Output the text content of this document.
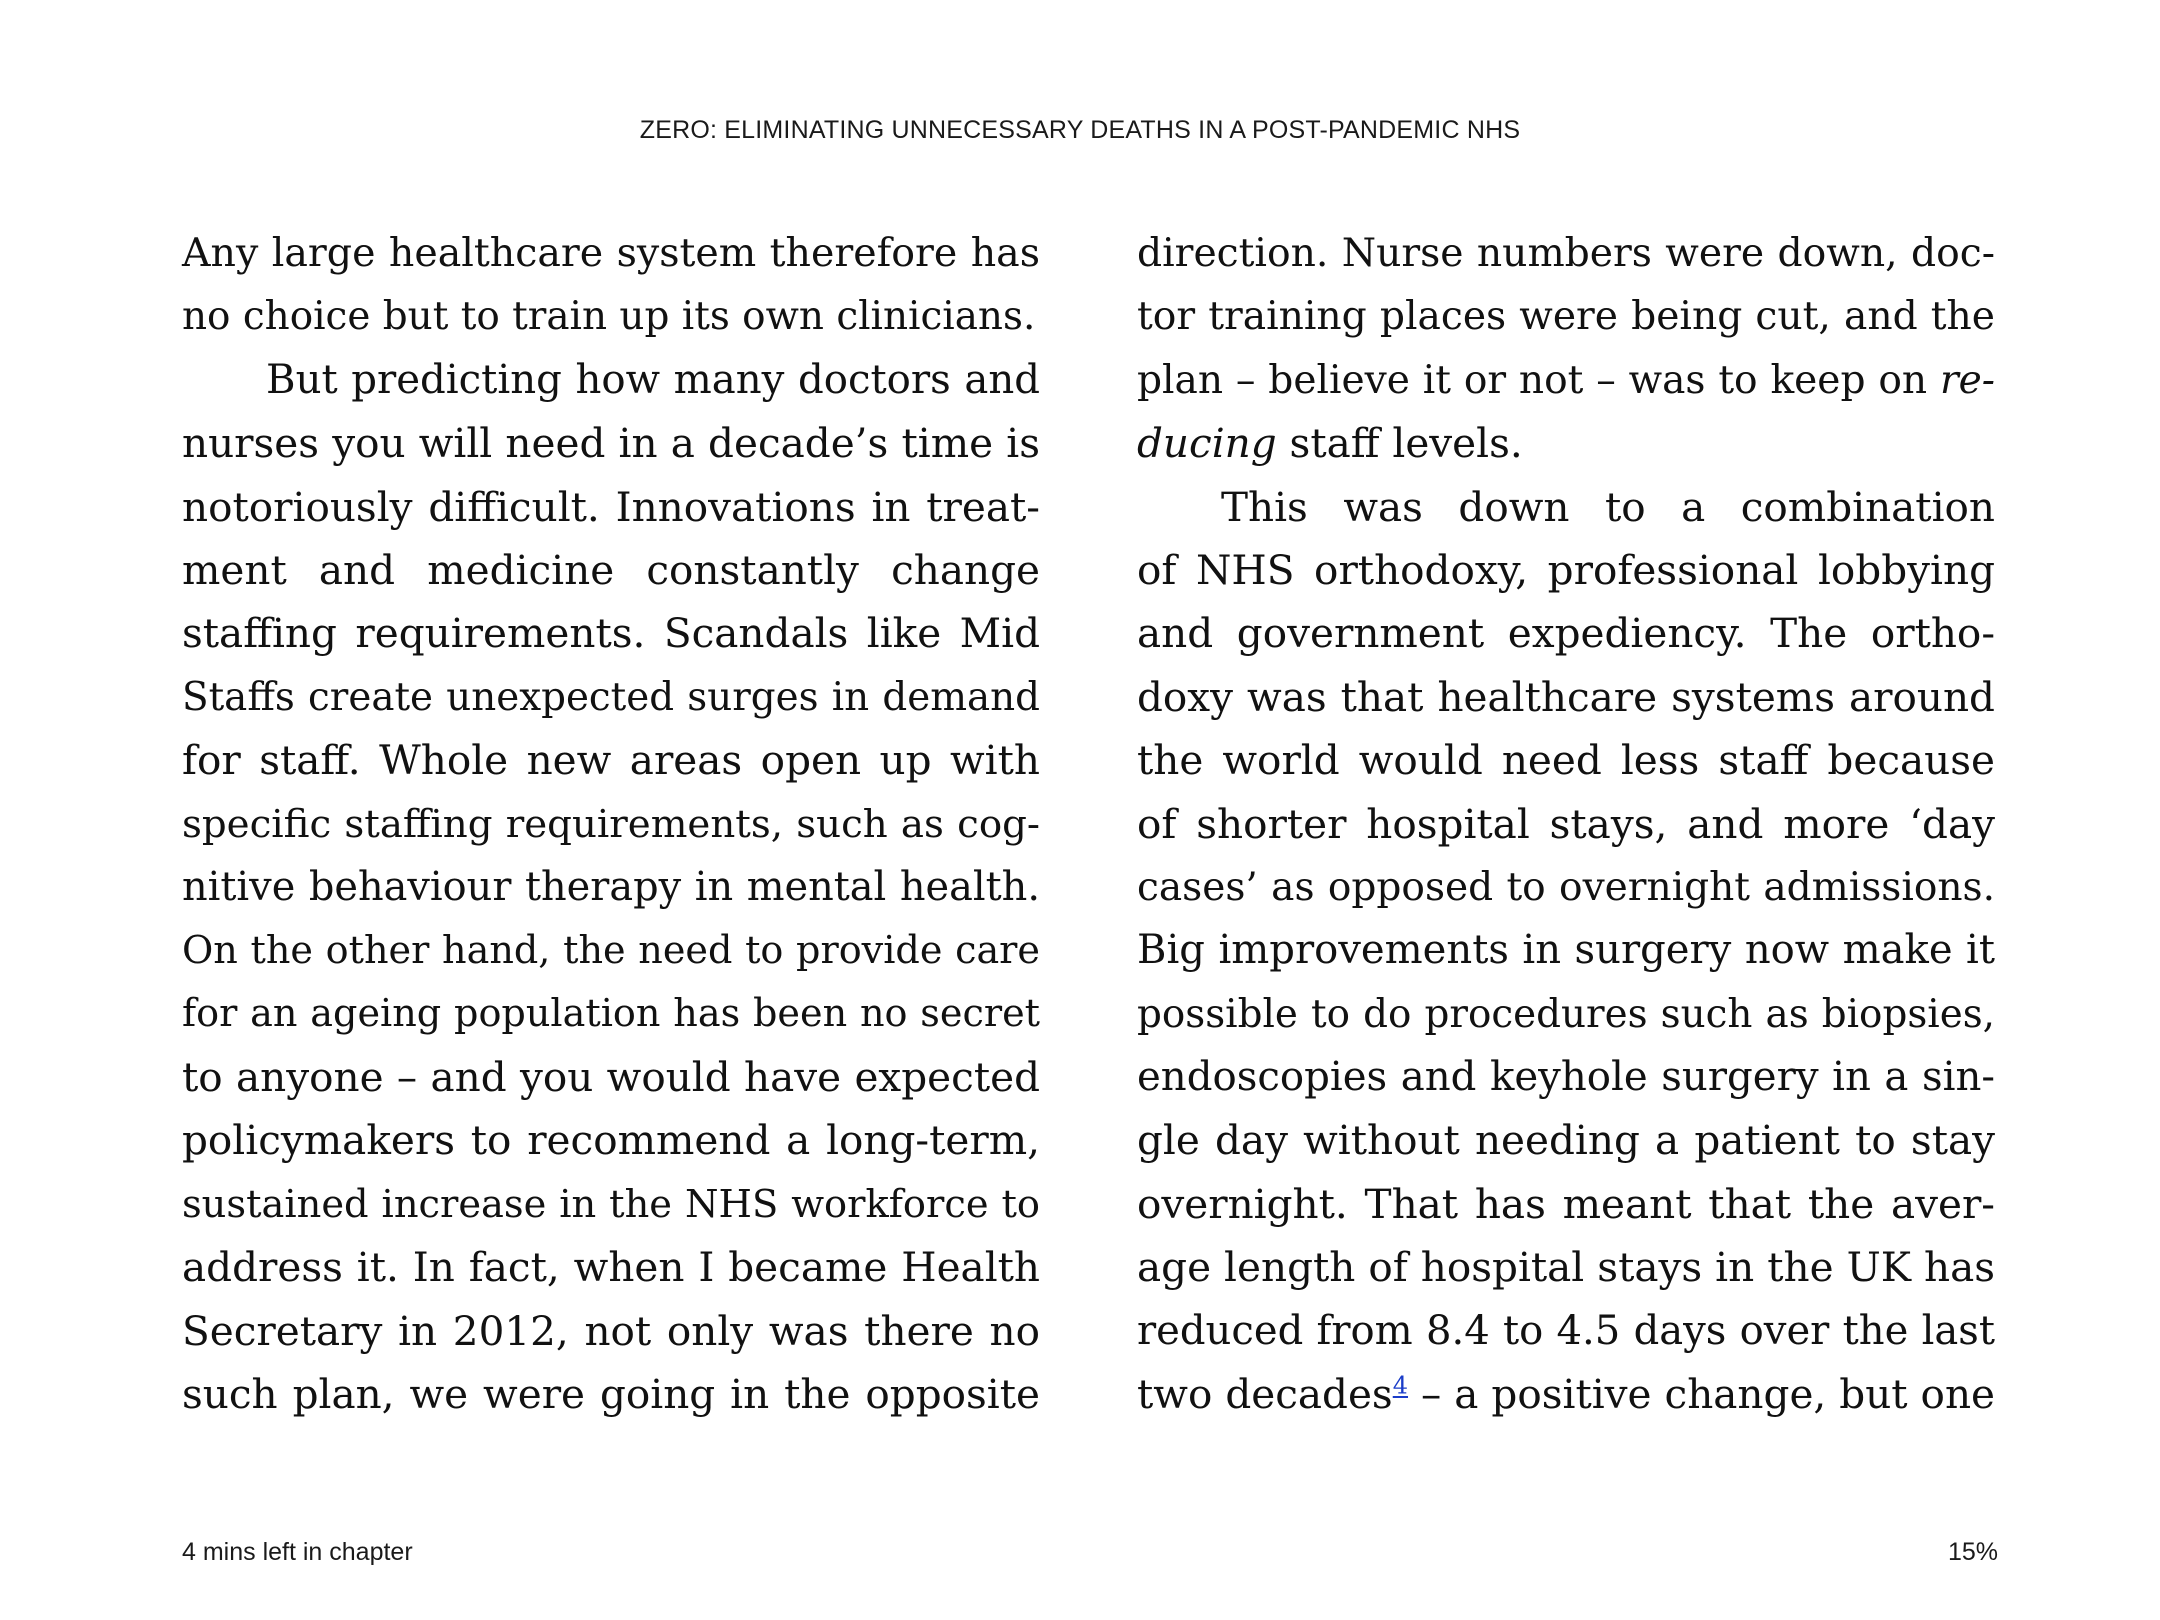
ZERO: ELIMINATING UNNECESSARY DEATHS IN A POST-PANDEMIC NHS
Any large healthcare system therefore has
no choice but to train up its own clinicians.
But predicting how many doctors and
nurses you will need in a decade’s time is
notoriously difficult. Innovations in treat-
ment and medicine constantly change
staffing requirements. Scandals like Mid
Staffs create unexpected surges in demand
for staff. Whole new areas open up with
specific staffing requirements, such as cog-
nitive behaviour therapy in mental health.
On the other hand, the need to provide care
for an ageing population has been no secret
to anyone – and you would have expected
policymakers to recommend a long-term,
sustained increase in the NHS workforce to
address it. In fact, when I became Health
Secretary in 2012, not only was there no
such plan, we were going in the opposite
direction. Nurse numbers were down, doc-
tor training places were being cut, and the
plan – believe it or not – was to keep on re-
ducing staff levels.
This was down to a combination
of NHS orthodoxy, professional lobbying
and government expediency. The ortho-
doxy was that healthcare systems around
the world would need less staff because
of shorter hospital stays, and more ‘day
cases’ as opposed to overnight admissions.
Big improvements in surgery now make it
possible to do procedures such as biopsies,
endoscopies and keyhole surgery in a sin-
gle day without needing a patient to stay
overnight. That has meant that the aver-
age length of hospital stays in the UK has
reduced from 8.4 to 4.5 days over the last
two decades$^4$ – a positive change, but one
4 mins left in chapter	15%
